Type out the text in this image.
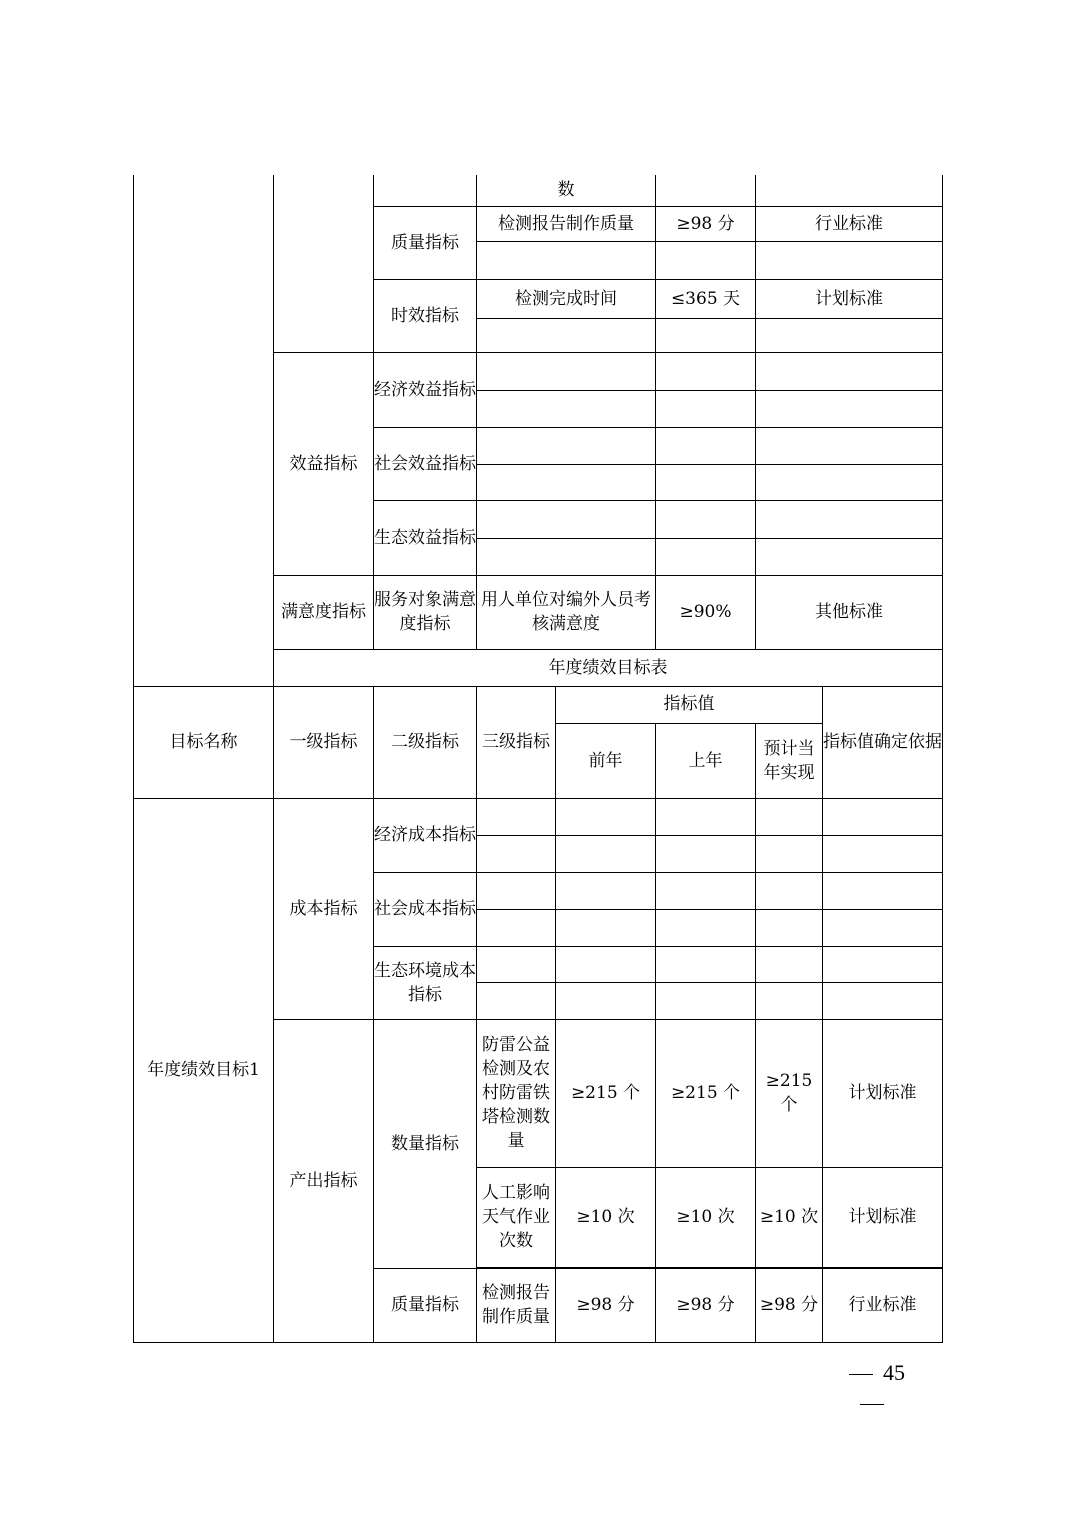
			数		
		质量指标	检测报告制作质量	≥98 分	行业标准

		时效指标	检测完成时间	≤365 天	计划标准

	效益指标	经济效益指标			

		社会效益指标			

		生态效益指标			

	满意度指标	服务对象满意度指标	用人单位对编外人员考核满意度	≥90%	其他标准
	年度绩效目标表				
目标名称	一级指标	二级指标	三级指标	指标值			指标值确定依据
				前年	上年	预计当年实现	
年度绩效目标1	成本指标	经济成本指标					

		社会成本指标					

		生态环境成本指标					

	产出指标	数量指标	防雷公益检测及农村防雷铁塔检测数量	≥215 个	≥215 个	≥215 个	计划标准
			人工影响天气作业次数	≥10 次	≥10 次	≥10 次	计划标准

		质量指标	检测报告制作质量	≥98 分	≥98 分	≥98 分	行业标准
45
